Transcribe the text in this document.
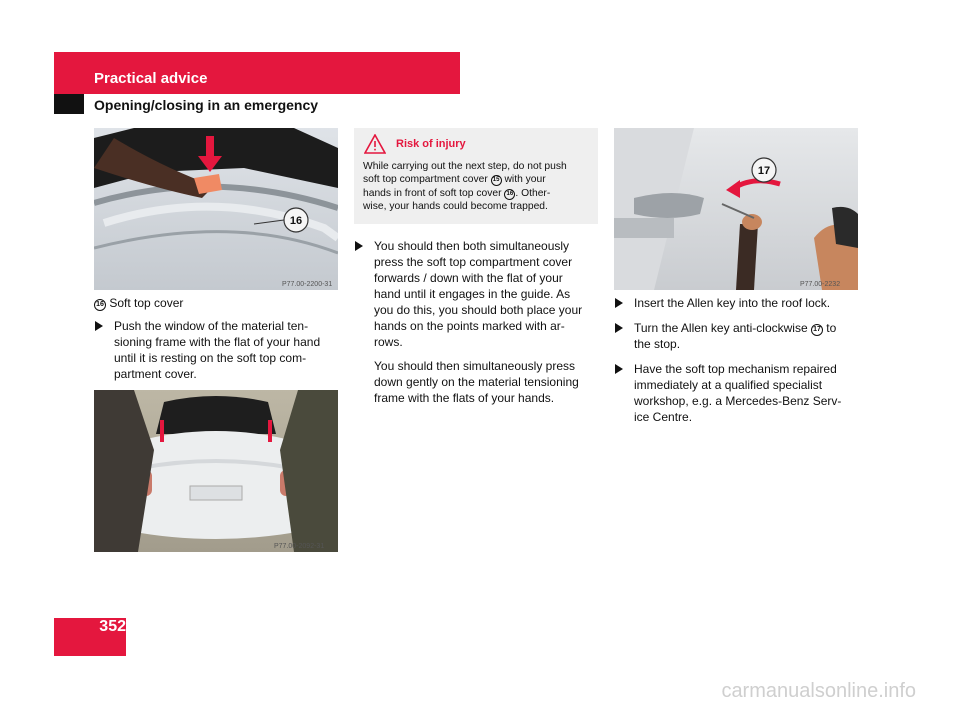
Practical advice
Opening/closing in an emergency
16
P77.00-2200-31

16 Soft top cover

Push the window of the material ten-
sioning frame with the flat of your hand
until it is resting on the soft top com-
partment cover.
P77.00-2092-31
Risk of injury
While carrying out the next step, do not push
soft top compartment cover 15 with your
hands in front of soft top cover 16 . Other-
wise, your hands could become trapped.
You should then both simultaneously
press the soft top compartment cover
forwards / down with the flat of your
hand until it engages in the guide. As
you do this, you should both place your
hands on the points marked with ar-
rows.
You should then simultaneously press
down gently on the material tensioning
frame with the flats of your hands.
17
P77.00-2232
Insert the Allen key into the roof lock.
Turn the Allen key anti-clockwise 17 to
the stop.
Have the soft top mechanism repaired
immediately at a qualified specialist
workshop, e.g. a Mercedes-Benz Serv-
ice Centre.
352
carmanualsonline.info
